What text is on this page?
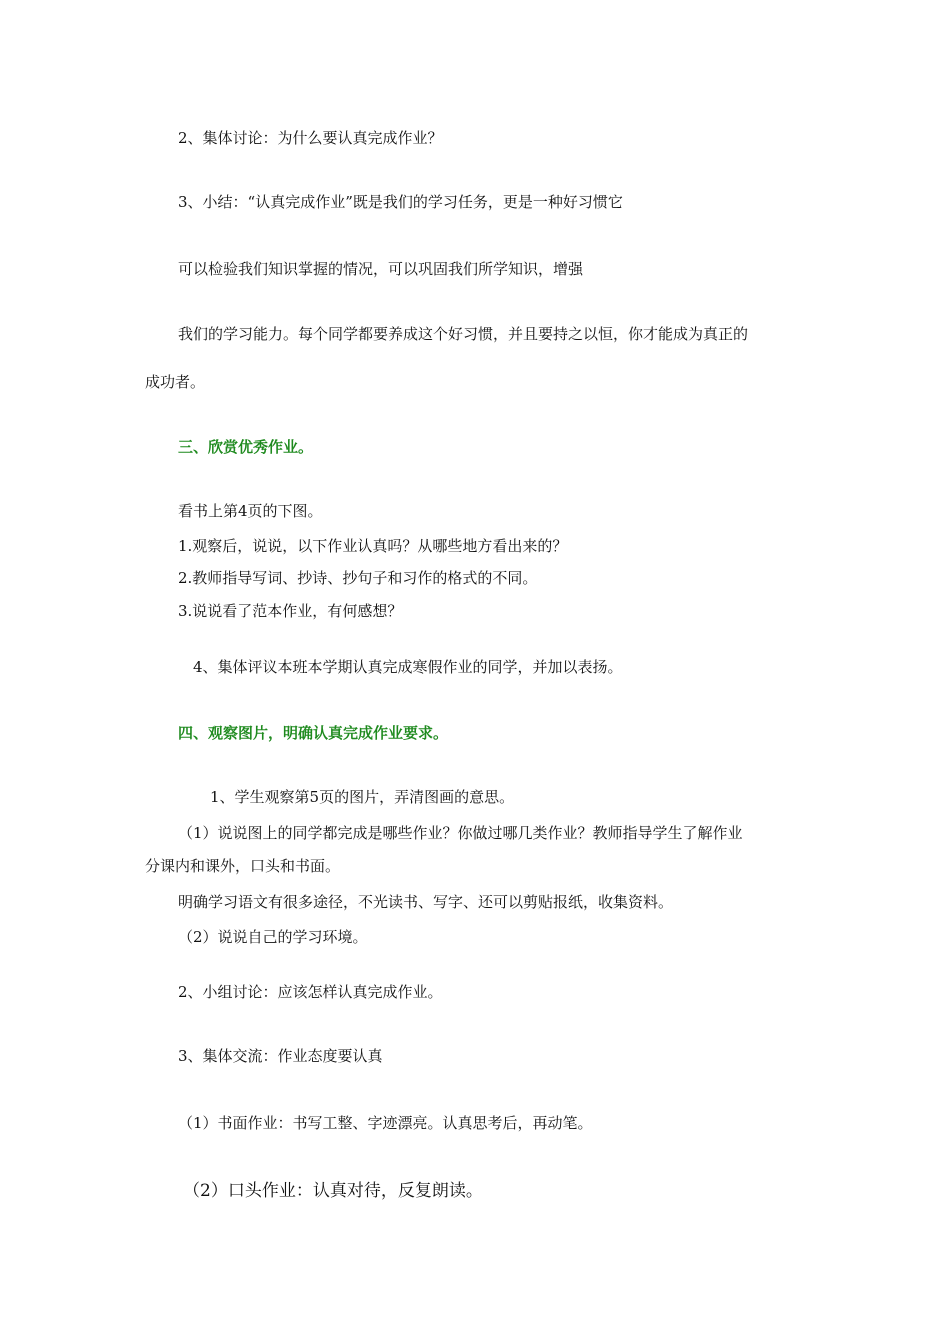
2、集体讨论：为什么要认真完成作业？
3、小结：“认真完成作业”既是我们的学习任务，更是一种好习惯它
可以检验我们知识掌握的情况，可以巩固我们所学知识，增强
我们的学习能力。每个同学都要养成这个好习惯，并且要持之以恒，你才能成为真正的
成功者。
三、欣赏优秀作业。
看书上第4页的下图。
1.观察后，说说，以下作业认真吗？从哪些地方看出来的？
2.教师指导写词、抄诗、抄句子和习作的格式的不同。
3.说说看了范本作业，有何感想？
4、集体评议本班本学期认真完成寒假作业的同学，并加以表扬。
四、观察图片，明确认真完成作业要求。
1、学生观察第5页的图片，弄清图画的意思。
（1）说说图上的同学都完成是哪些作业？你做过哪几类作业？教师指导学生了解作业
分课内和课外，口头和书面。
明确学习语文有很多途径，不光读书、写字、还可以剪贴报纸，收集资料。
（2）说说自己的学习环境。
2、小组讨论：应该怎样认真完成作业。
3、集体交流：作业态度要认真
（1）书面作业：书写工整、字迹漂亮。认真思考后，再动笔。
（2）口头作业：认真对待，反复朗读。
